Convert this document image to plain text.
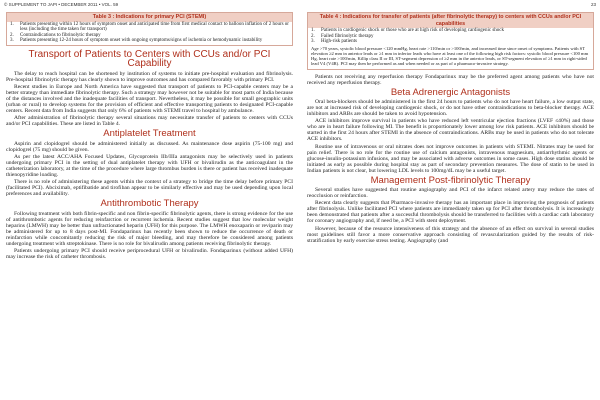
© SUPPLEMENT TO JAPI • DECEMBER 2011 • VOL. 59	23
Table 3 : Indications for primary PCI (STEMI)
1.	Patients presenting within 12 hours of symptom onset and anticipated time from first medical contact to balloon inflation of 2 hours or less (including the time taken for transport)
2.	Contraindications to fibrinolytic therapy
3.	Patients presenting 12-24 hours of symptom onset with ongoing symptoms/signs of ischemia or hemodynamic instability
Transport of Patients to Centers with CCUs and/or PCI Capability

The delay to reach hospital can be shortened by institution of systems to initiate pre-hospital evaluation and fibrinolysis. Pre-hospital fibrinolytic therapy has clearly shown to improve outcomes and has compared favorably with primary PCI.

Recent studies in Europe and North America have suggested that transport of patients to PCI-capable centers may be a better strategy than immediate fibrinolytic therapy. Such a strategy may however not be suitable for most parts of India because of the distances involved and the inadequate facilities of transport. Nevertheless, it may be possible for small geographic units (urban or rural) to develop systems for the provision of efficient and effective transporting patients to designated PCI-capable centers. Recent data from India suggests that only 6% of patients with STEMI travel to hospital by ambulance.

After administration of fibrinolytic therapy several situations may necessitate transfer of patients to centers with CCUs and/or PCI capabilities. These are listed in Table 4.

Antiplatelet Treatment

Aspirin and clopidogrel should be administered initially as discussed. As maintenance dose aspirin (75-100 mg) and clopidogrel (75 mg) should be given.

As per the latest ACC/AHA Focused Updates, Glycoprotein IIb/IIIa antagonists may be selectively used in patients undergoing primary PCI in the setting of dual antiplatelet therapy with UFH or bivalirudin as the anticoagulant in the catheterization laboratory, at the time of the procedure where large thrombus burden is there or patient has received inadequate thienopyridine loading.

There is no role of administering these agents within the context of a strategy to bridge the time delay before primary PCI (facilitated PCI). Abciximab, eptifibatide and tirofiban appear to be similarly effective and may be used depending upon local preferences and availability.

Antithrombotic Therapy

Following treatment with both fibrin-specific and non fibrin-specific fibrinolytic agents, there is strong evidence for the use of antithrombotic agents for reducing reinfarction or recurrent ischemia. Recent studies suggest that low molecular weight heparins (LMWH) may be better than unfractionated heparin (UFH) for this purpose. The LMWH enoxaparin or reviparin may be administered for up to 8 days post-MI. Fondaparinux has recently been shown to reduce the occurrence of death or reinfarction while concomitantly reducing the risk of major bleeding, and may therefore be considered among patients undergoing treatment with streptokinase. There is no role for bivalirudin among patients receiving fibrinolytic therapy.

Patients undergoing primary PCI should receive periprocedural UFH or bivalirudin. Fondaparinux (without added UFH) may increase the risk of catheter thrombosis.

Table 4 : Indications for transfer of patients (after fibrinolytic therapy) to centers with CCUs and/or PCI capabilities
1.	Patients in cardiogenic shock or those who are at high risk of developing cardiogenic shock
2.	Failed fibrinolytic therapy
3.	High-risk patients
Age >70 years, systolic blood pressure <120 mmHg, heart rate >110/min or >100/min, and increased time since onset of symptoms. Patients with ST elevation ≥2 mm in anterior leads or ≥1 mm in inferior leads who have at least one of the following high risk factors: systolic blood pressure <100 mm Hg, heart rate >100/min, Killip class II or III, ST-segment depression of ≥2 mm in the anterior leads, or ST-segment elevation of ≥1 mm in right-sided lead V4 (V4R). PCI may then be performed as and when needed or as part of a pharmaco-invasive strategy.

Patients not receiving any reperfusion therapy Fondaparinux may be the preferred agent among patients who have not received any reperfusion therapy.

Beta Adrenergic Antagonists

Oral beta-blockers should be administered in the first 24 hours to patients who do not have heart failure, a low output state, are not at increased risk of developing cardiogenic shock, or do not have other contraindications to beta-blocker therapy. ACE inhibitors and ARBs are should be taken to avoid hypotension.

ACE inhibitors improve survival in patients who have reduced left ventricular ejection fractions (LVEF ≤40%) and those who are in heart failure following MI. The benefit is proportionately lower among low risk patients. ACE inhibitors should be started in the first 24 hours after STEMI in the absence of contraindications. ARBs may be used in patients who do not tolerate ACE inhibitors.

Routine use of intravenous or oral nitrates does not improve outcomes in patients with STEMI. Nitrates may be used for pain relief. There is no role for the routine use of calcium antagonists, intravenous magnesium, antiarrhythmic agents or glucose-insulin-potassium infusions, and may be associated with adverse outcomes in some cases. High dose statins should be initiated as early as possible during hospital stay as part of secondary prevention measures. The dose of statin to be used in Indian patients is not clear, but lowering LDL levels to 100mg/dL may be a useful target.

Management Post-fibrinolytic Therapy

Several studies have suggested that routine angiography and PCI of the infarct related artery may reduce the rates of reocclusion or reinfarction.

Recent data clearly suggests that Pharmaco-invasive therapy has an important place in improving the prognosis of patients after fibrinolysis. Unlike facilitated PCI where patients are immediately taken up for PCI after thrombolysis. It is increasingly been demonstrated that patients after a successful thrombolysis should be transferred to facilities with a cardiac cath laboratory for coronary angiography and, if need be, a PCI with stent deployment.

However, because of the resource intensiveness of this strategy and the absence of an effect on survival in several studies most guidelines still favor a more conservative approach consisting of revascularization guided by the results of risk-stratification by early exercise stress testing. Angiography (and
